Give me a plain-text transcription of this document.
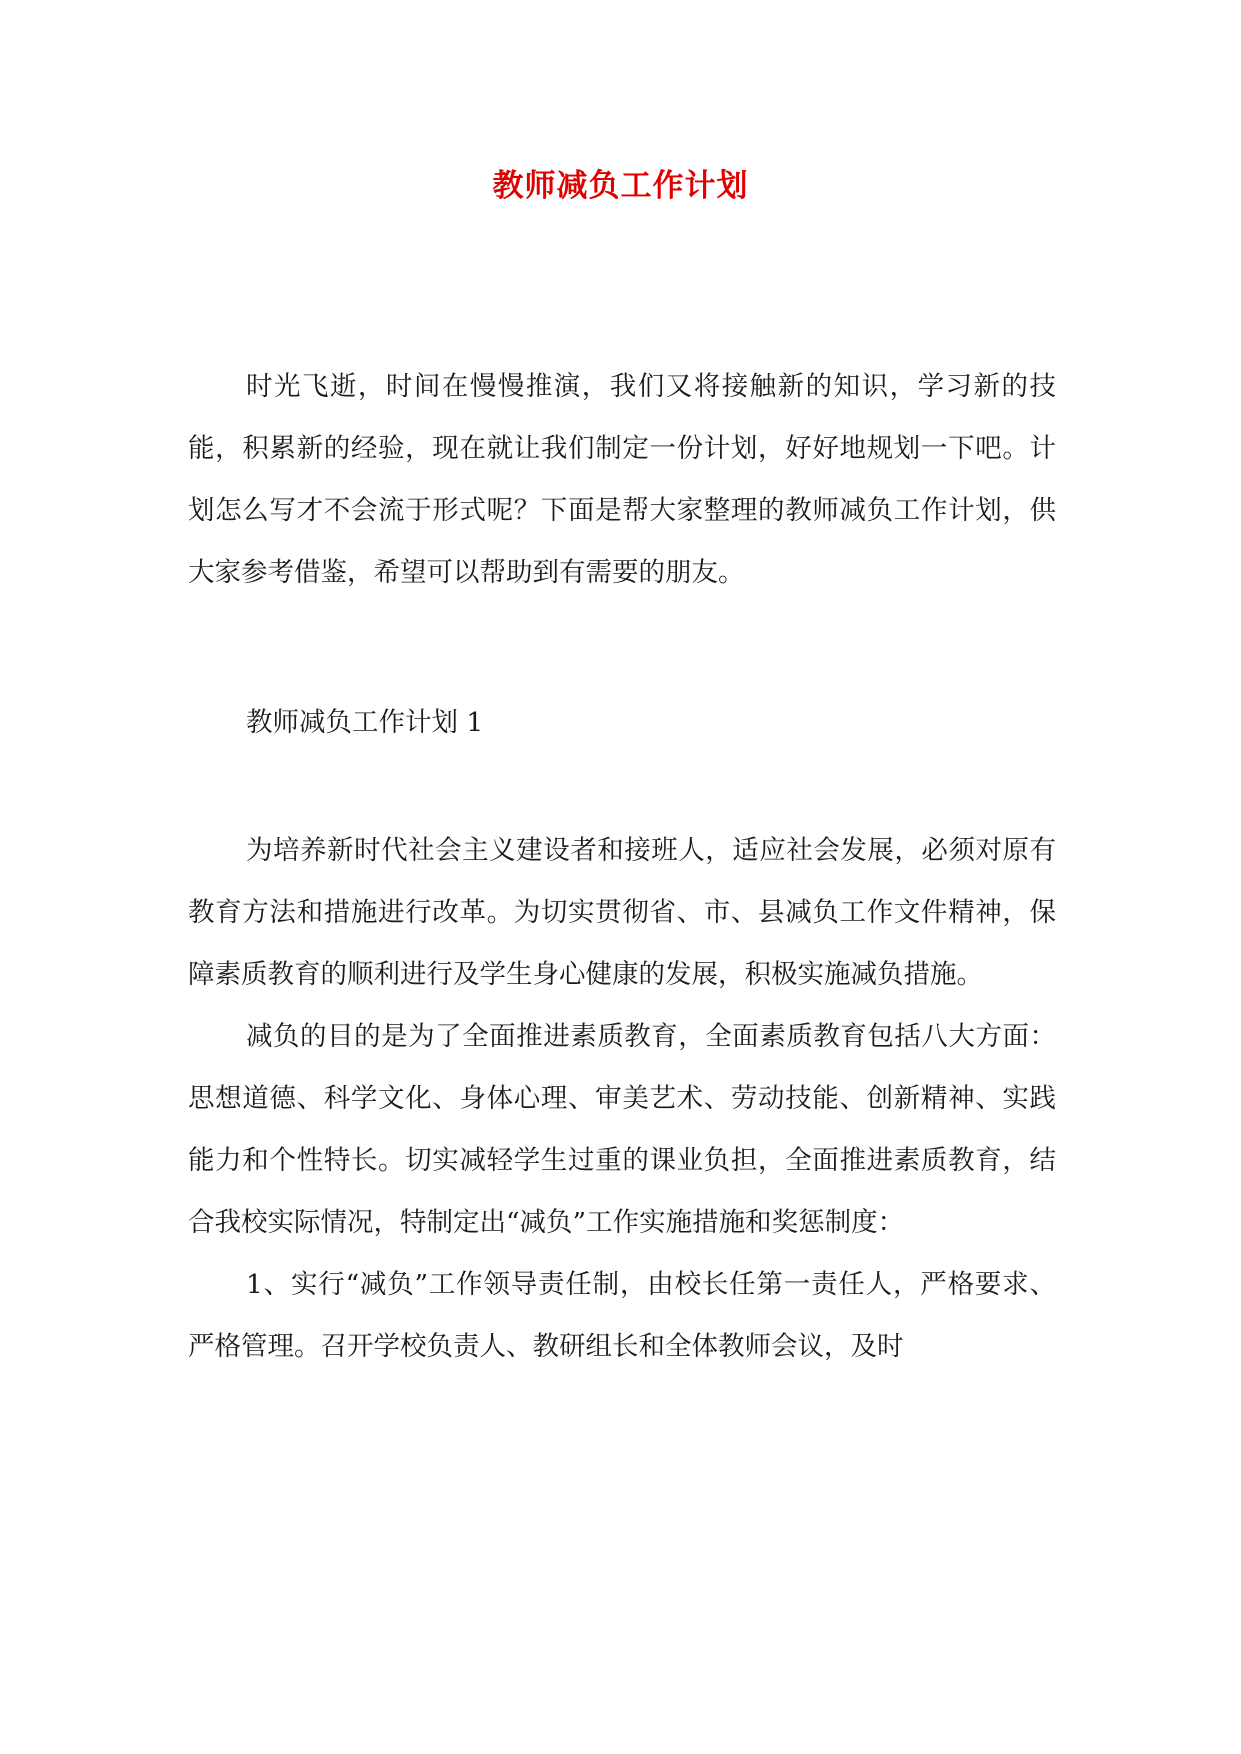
教师减负工作计划

时光飞逝，时间在慢慢推演，我们又将接触新的知识，学习新的技能，积累新的经验，现在就让我们制定一份计划，好好地规划一下吧。计划怎么写才不会流于形式呢？下面是帮大家整理的教师减负工作计划，供大家参考借鉴，希望可以帮助到有需要的朋友。

教师减负工作计划 1

为培养新时代社会主义建设者和接班人，适应社会发展，必须对原有教育方法和措施进行改革。为切实贯彻省、市、县减负工作文件精神，保障素质教育的顺利进行及学生身心健康的发展，积极实施减负措施。

减负的目的是为了全面推进素质教育，全面素质教育包括八大方面：思想道德、科学文化、身体心理、审美艺术、劳动技能、创新精神、实践能力和个性特长。切实减轻学生过重的课业负担，全面推进素质教育，结合我校实际情况，特制定出“减负”工作实施措施和奖惩制度：

1、实行“减负”工作领导责任制，由校长任第一责任人，严格要求、严格管理。召开学校负责人、教研组长和全体教师会议，及时
